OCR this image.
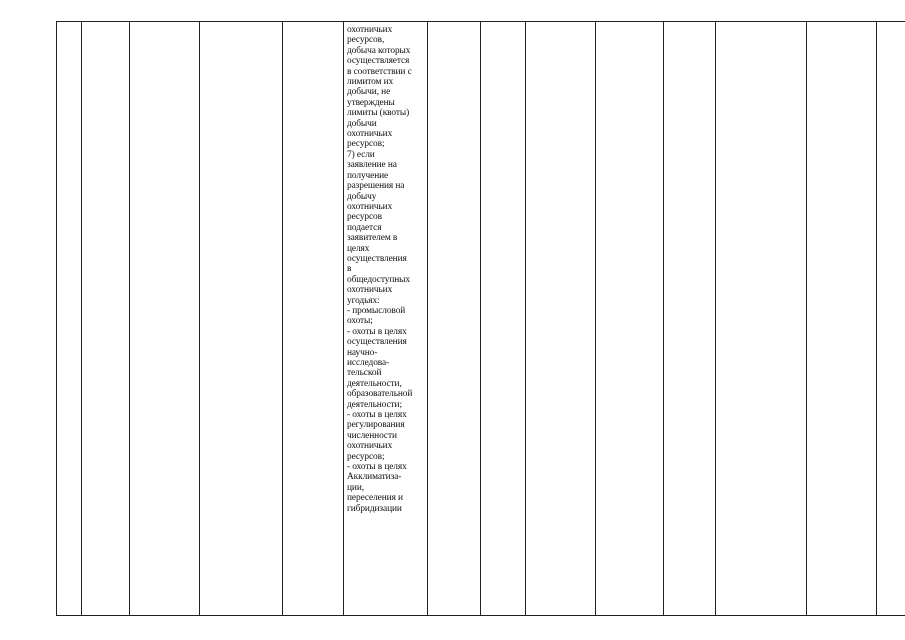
охотничьих
ресурсов,
добыча которых
осуществляется
в соответствии с
лимитом их
добычи, не
утверждены
лимиты (квоты)
добычи
охотничьих
ресурсов;
7) если
заявление на
получение
разрешения на
добычу
охотничьих
ресурсов
подается
заявителем в
целях
осуществления
в
общедоступных
охотничьих
угодьях:
- промысловой
охоты;
- охоты в целях
осуществления
научно-
исследова-
тельской
деятельности,
образовательной
деятельности;
- охоты в целях
регулирования
численности
охотничьих
ресурсов;
- охоты в целях
Акклиматиза-
ции,
переселения и
гибридизации
